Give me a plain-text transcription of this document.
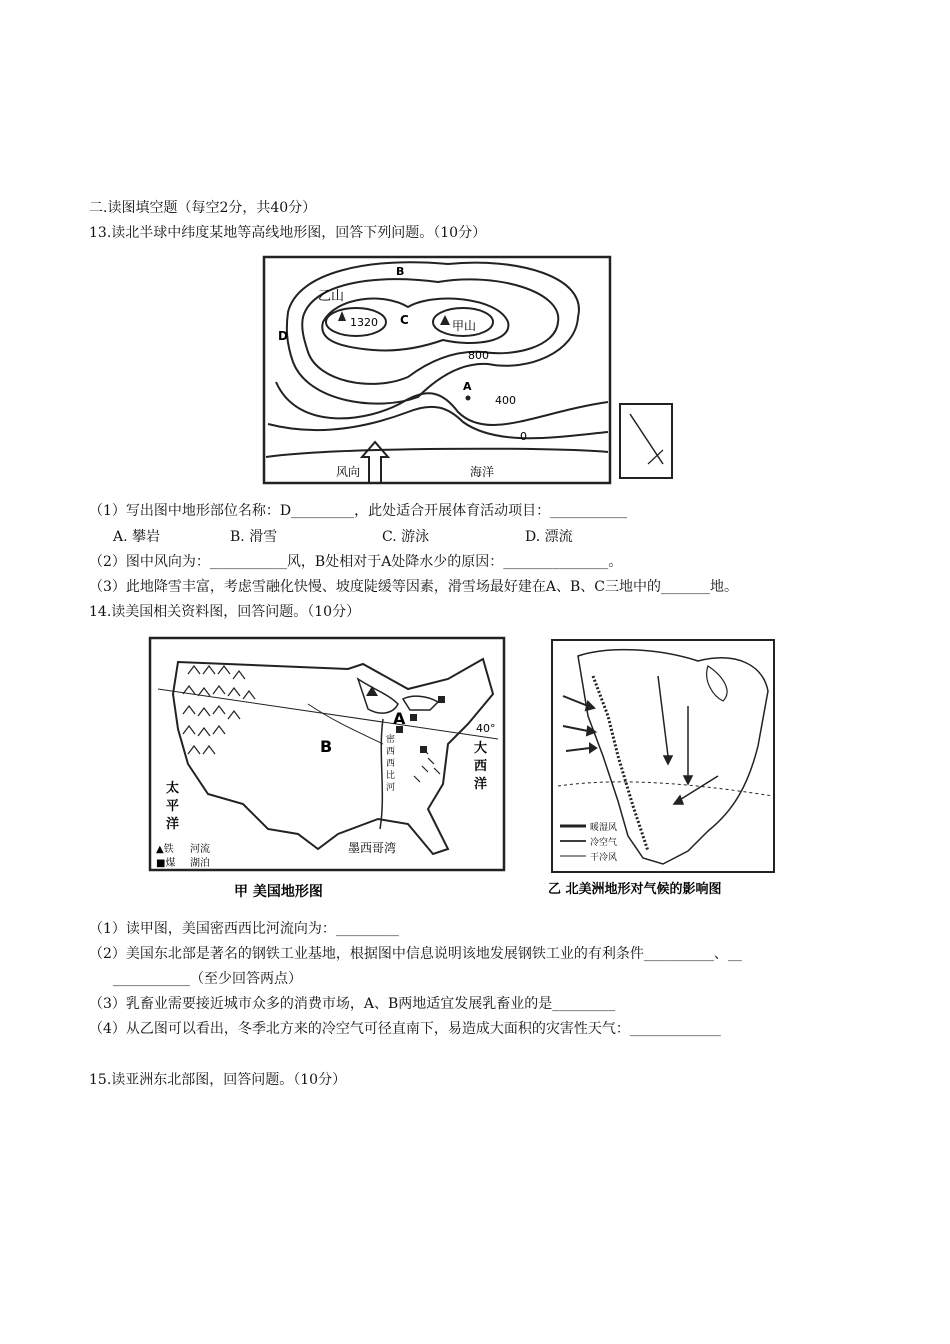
二.读图填空题（每空2分，共40分）
13.读北半球中纬度某地等高线地形图，回答下列问题。（10分）
乙山
甲山
1320
B
C
D
A
800
400
0
风向	海洋
（1）写出图中地形部位名称：D_________，此处适合开展体育活动项目：___________
A. 攀岩	B. 滑雪	C. 游泳	D. 漂流
（2）图中风向为：___________风，B处相对于A处降水少的原因：_______________。
（3）此地降雪丰富，考虑雪融化快慢、坡度陡缓等因素，滑雪场最好建在A、B、C三地中的_______地。
14.读美国相关资料图，回答问题。（10分）
A
B
40°
太
平
洋
大
西
洋
密
西
西
比
河
墨西哥湾
▲铁 河流
■煤 湖泊
甲 美国地形图
暖湿风
冷空气
干冷风
乙 北美洲地形对气候的影响图
（1）读甲图，美国密西西比河流向为：_________
（2）美国东北部是著名的钢铁工业基地，根据图中信息说明该地发展钢铁工业的有利条件__________、__
___________（至少回答两点）
（3）乳畜业需要接近城市众多的消费市场，A、B两地适宜发展乳畜业的是_________
（4）从乙图可以看出，冬季北方来的冷空气可径直南下，易造成大面积的灾害性天气：_____________
15.读亚洲东北部图，回答问题。（10分）
